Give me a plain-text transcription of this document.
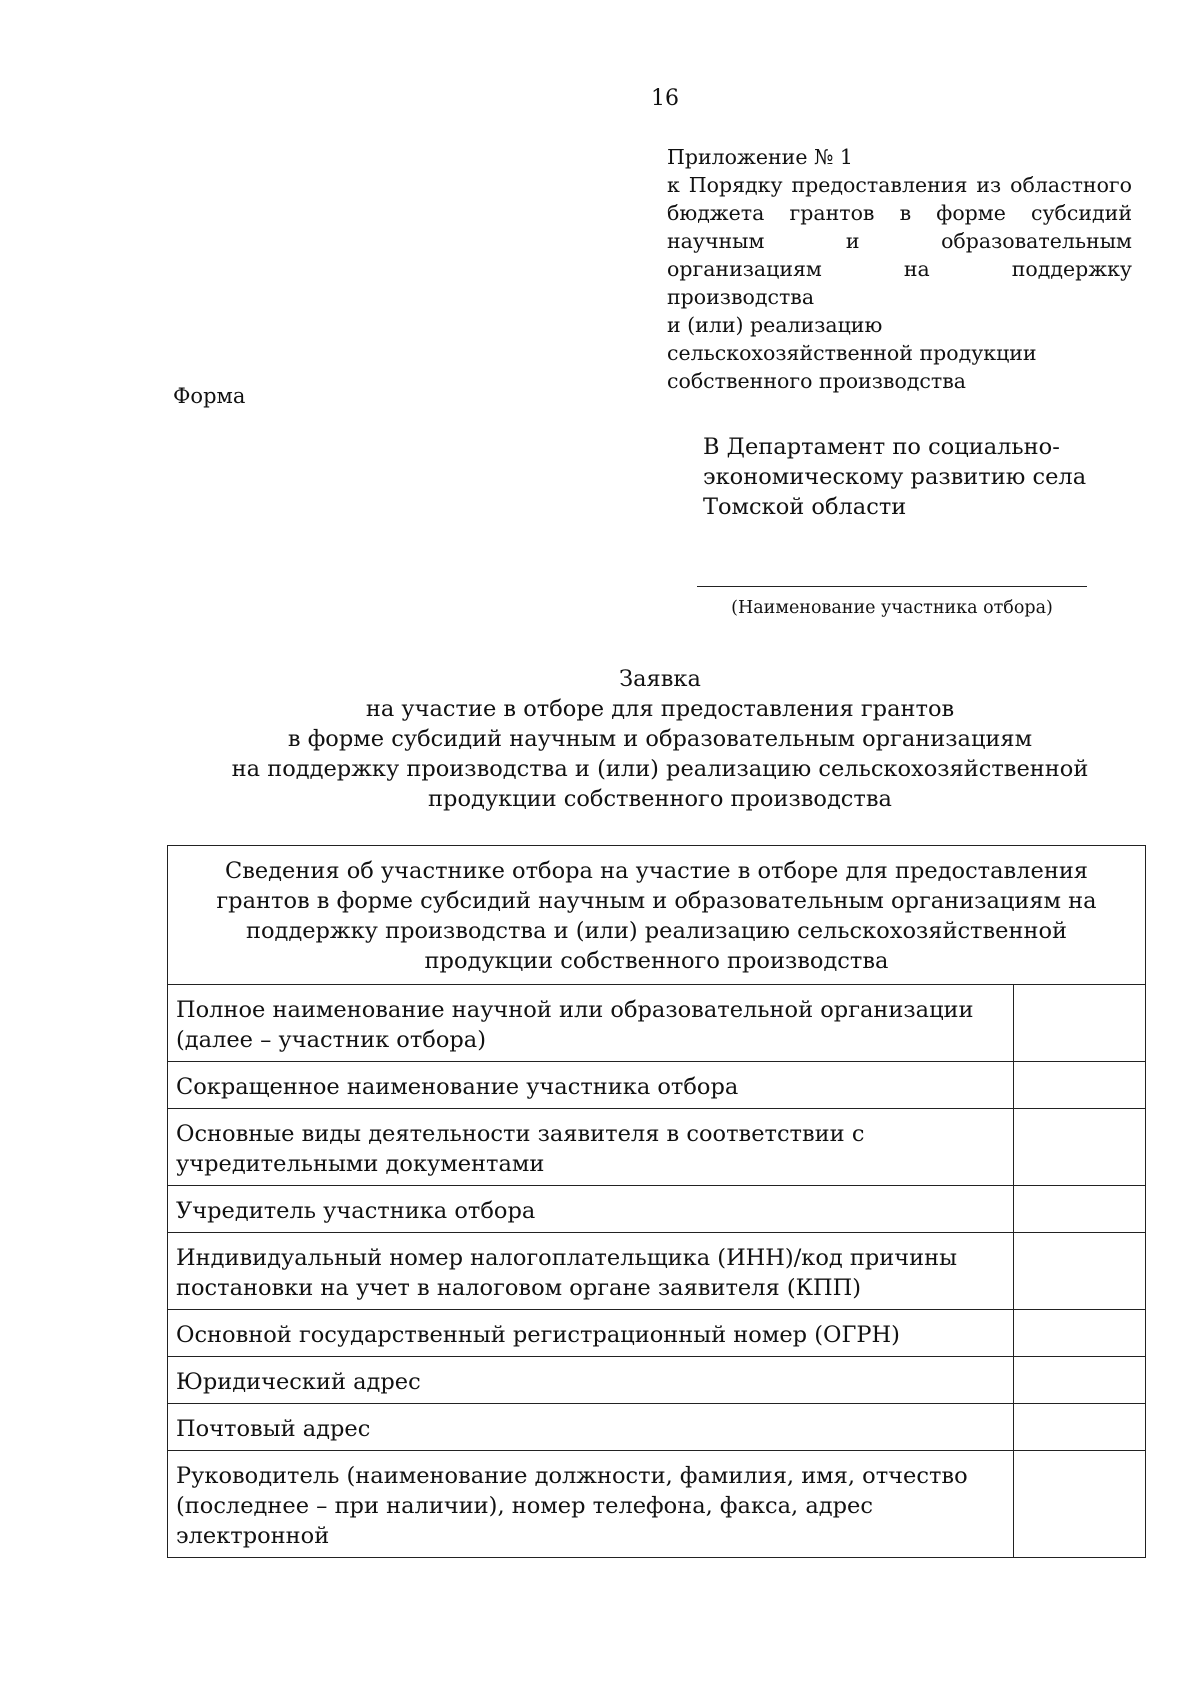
16
Приложение № 1
к Порядку предоставления из областного бюджета грантов в форме субсидий научным и образовательным организациям на поддержку производства
и (или) реализацию сельскохозяйственной продукции собственного производства
Форма
В Департамент по социально-экономическому развитию села Томской области
(Наименование участника отбора)
Заявка
на участие в отборе для предоставления грантов
в форме субсидий научным и образовательным организациям
на поддержку производства и (или) реализацию сельскохозяйственной
продукции собственного производства
Сведения об участнике отбора на участие в отборе для предоставления грантов в форме субсидий научным и образовательным организациям на поддержку производства и (или) реализацию сельскохозяйственной продукции собственного производства	
Полное наименование научной или образовательной организации (далее – участник отбора)	
Сокращенное наименование участника отбора	
Основные виды деятельности заявителя в соответствии с учредительными документами	
Учредитель участника отбора	
Индивидуальный номер налогоплательщика (ИНН)/код причины постановки на учет в налоговом органе заявителя (КПП)	
Основной государственный регистрационный номер (ОГРН)	
Юридический адрес	
Почтовый адрес	
Руководитель (наименование должности, фамилия, имя, отчество (последнее – при наличии), номер телефона, факса, адрес электронной	
